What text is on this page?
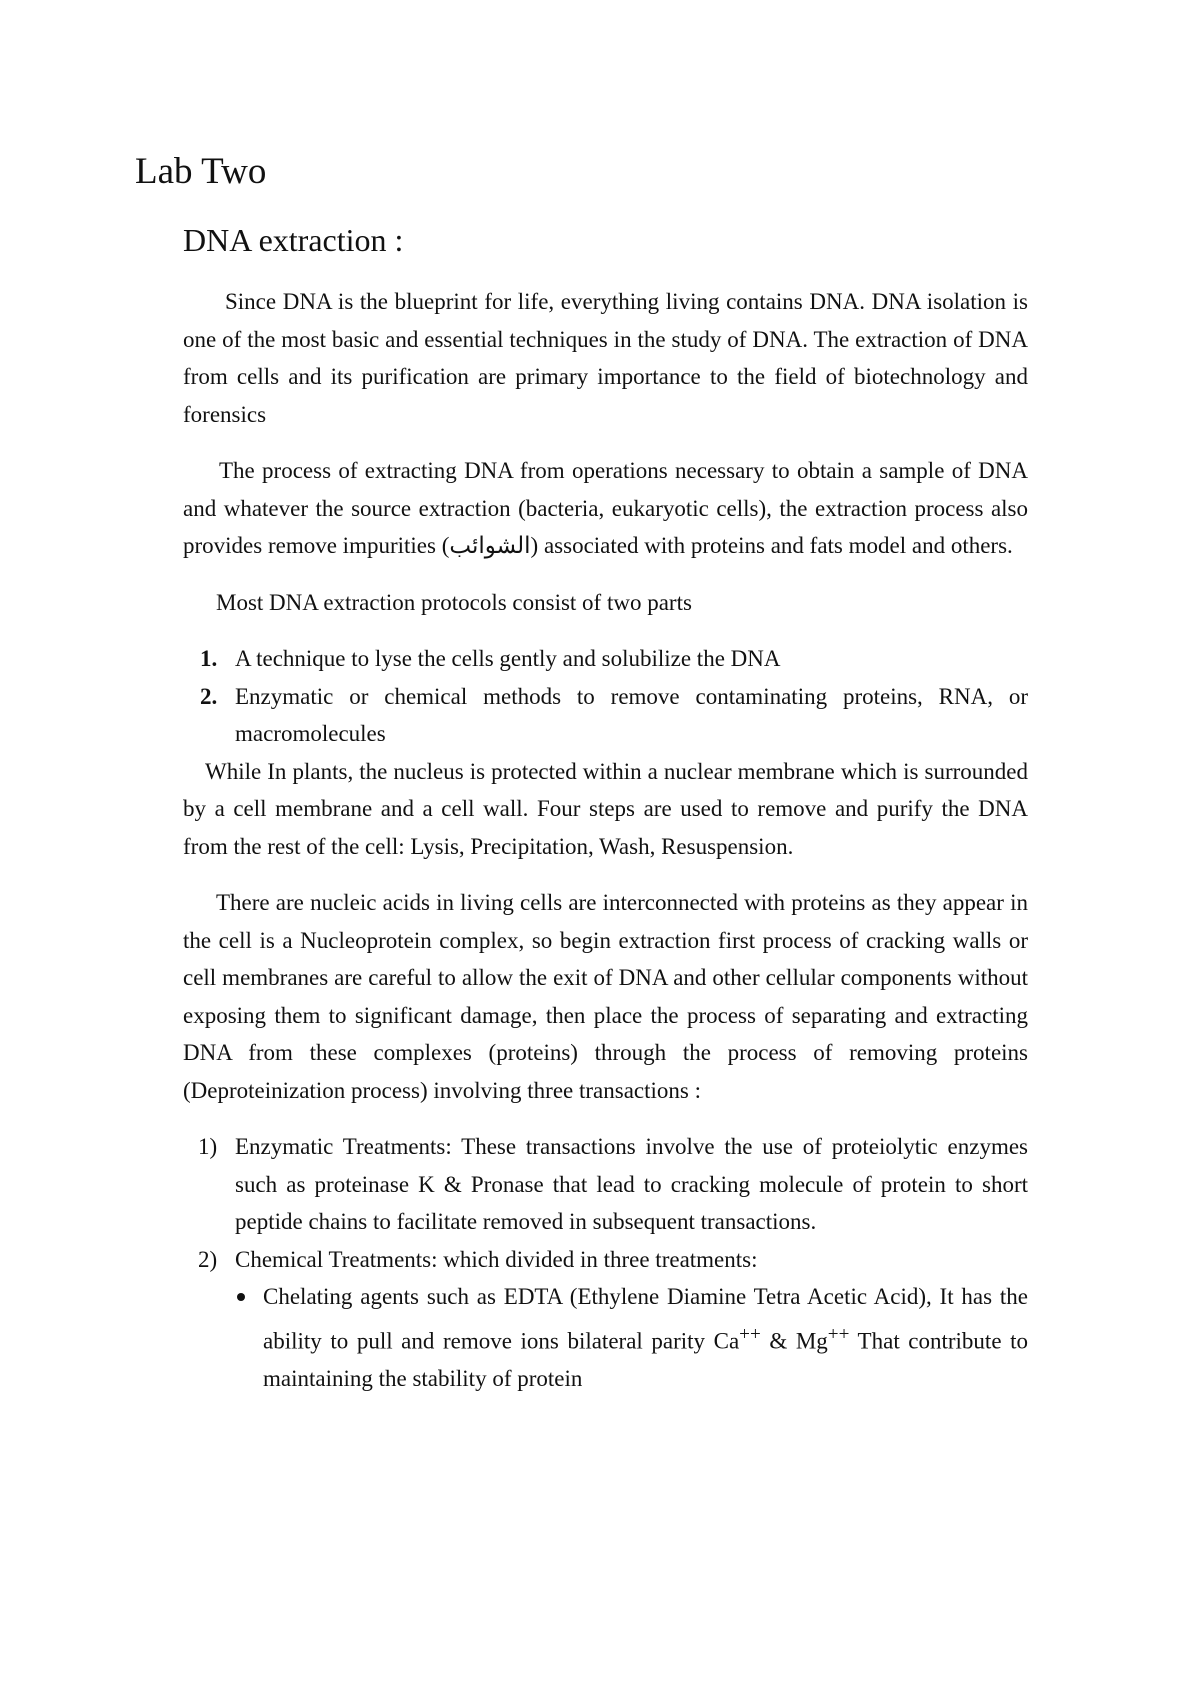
Lab Two
DNA extraction :

Since DNA is the blueprint for life, everything living contains DNA. DNA isolation is one of the most basic and essential techniques in the study of DNA. The extraction of DNA from cells and its purification are primary importance to the field of biotechnology and forensics

The process of extracting DNA from operations necessary to obtain a sample of DNA and whatever the source extraction (bacteria, eukaryotic cells), the extraction process also provides remove impurities (الشوائب) associated with proteins and fats model and others.

Most DNA extraction protocols consist of two parts

1. A technique to lyse the cells gently and solubilize the DNA
2. Enzymatic or chemical methods to remove contaminating proteins, RNA, or macromolecules

While In plants, the nucleus is protected within a nuclear membrane which is surrounded by a cell membrane and a cell wall. Four steps are used to remove and purify the DNA from the rest of the cell: Lysis, Precipitation, Wash, Resuspension.

There are nucleic acids in living cells are interconnected with proteins as they appear in the cell is a Nucleoprotein complex, so begin extraction first process of cracking walls or cell membranes are careful to allow the exit of DNA and other cellular components without exposing them to significant damage, then place the process of separating and extracting DNA from these complexes (proteins) through the process of removing proteins (Deproteinization process) involving three transactions :

1) Enzymatic Treatments: These transactions involve the use of proteiolytic enzymes such as proteinase K & Pronase that lead to cracking molecule of protein to short peptide chains to facilitate removed in subsequent transactions.
2) Chemical Treatments: which divided in three treatments:
Chelating agents such as EDTA (Ethylene Diamine Tetra Acetic Acid), It has the ability to pull and remove ions bilateral parity Ca++ & Mg++ That contribute to maintaining the stability of protein
